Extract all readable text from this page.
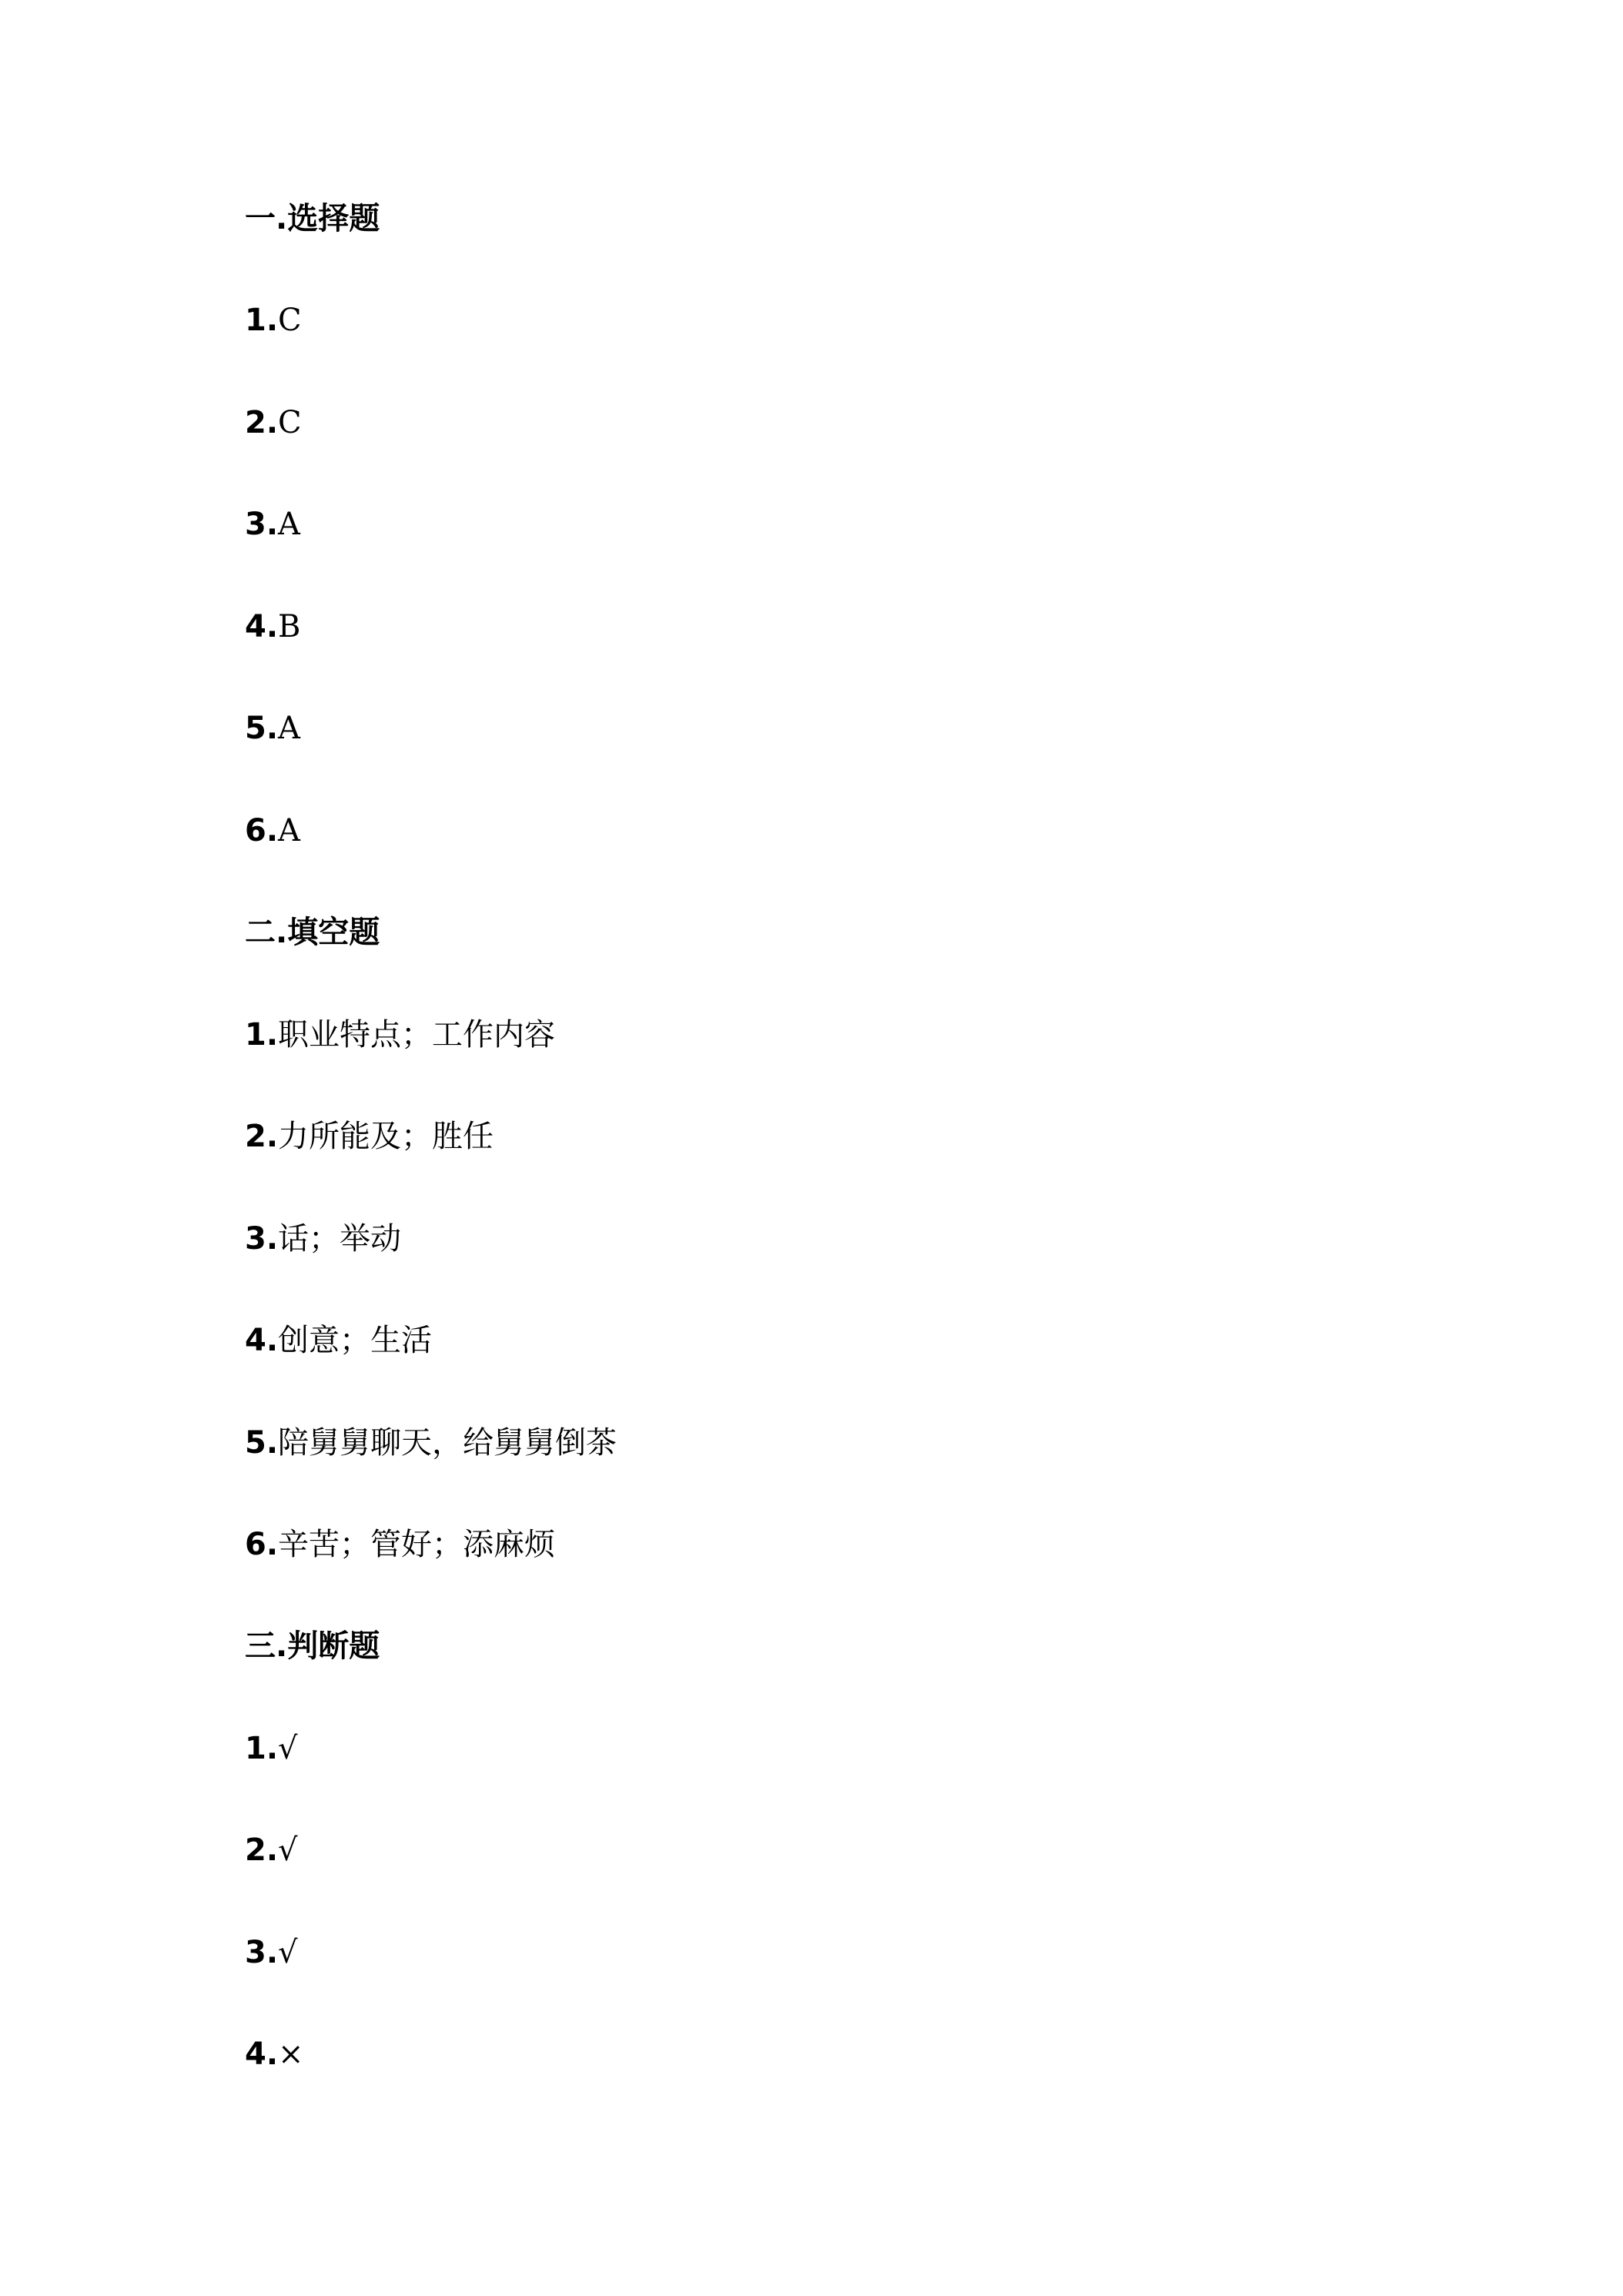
一.选择题
1.C
2.C
3.A
4.B
5.A
6.A
二.填空题
1.职业特点；工作内容
2.力所能及；胜任
3.话；举动
4.创意；生活
5.陪舅舅聊天，给舅舅倒茶
6.辛苦；管好；添麻烦
三.判断题
1.√
2.√
3.√
4.×
